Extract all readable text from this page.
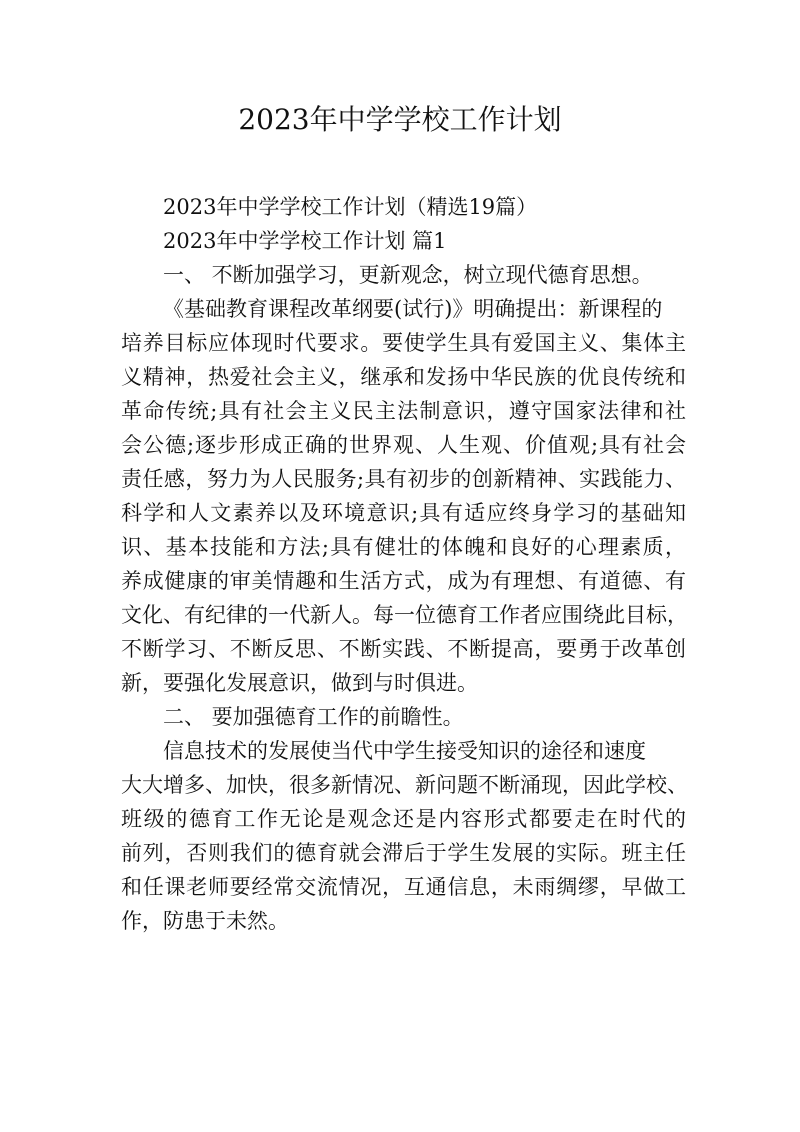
2023年中学学校工作计划
2023年中学学校工作计划（精选19篇）
2023年中学学校工作计划 篇1
一、 不断加强学习，更新观念，树立现代德育思想。
《基础教育课程改革纲要(试行)》明确提出：新课程的
培养目标应体现时代要求。要使学生具有爱国主义、集体主
义精神，热爱社会主义，继承和发扬中华民族的优良传统和
革命传统;具有社会主义民主法制意识，遵守国家法律和社
会公德;逐步形成正确的世界观、人生观、价值观;具有社会
责任感，努力为人民服务;具有初步的创新精神、实践能力、
科学和人文素养以及环境意识;具有适应终身学习的基础知
识、基本技能和方法;具有健壮的体魄和良好的心理素质，
养成健康的审美情趣和生活方式，成为有理想、有道德、有
文化、有纪律的一代新人。每一位德育工作者应围绕此目标，
不断学习、不断反思、不断实践、不断提高，要勇于改革创
新，要强化发展意识，做到与时俱进。
二、 要加强德育工作的前瞻性。
信息技术的发展使当代中学生接受知识的途径和速度
大大增多、加快，很多新情况、新问题不断涌现，因此学校、
班级的德育工作无论是观念还是内容形式都要走在时代的
前列，否则我们的德育就会滞后于学生发展的实际。班主任
和任课老师要经常交流情况，互通信息，未雨绸缪，早做工
作，防患于未然。
